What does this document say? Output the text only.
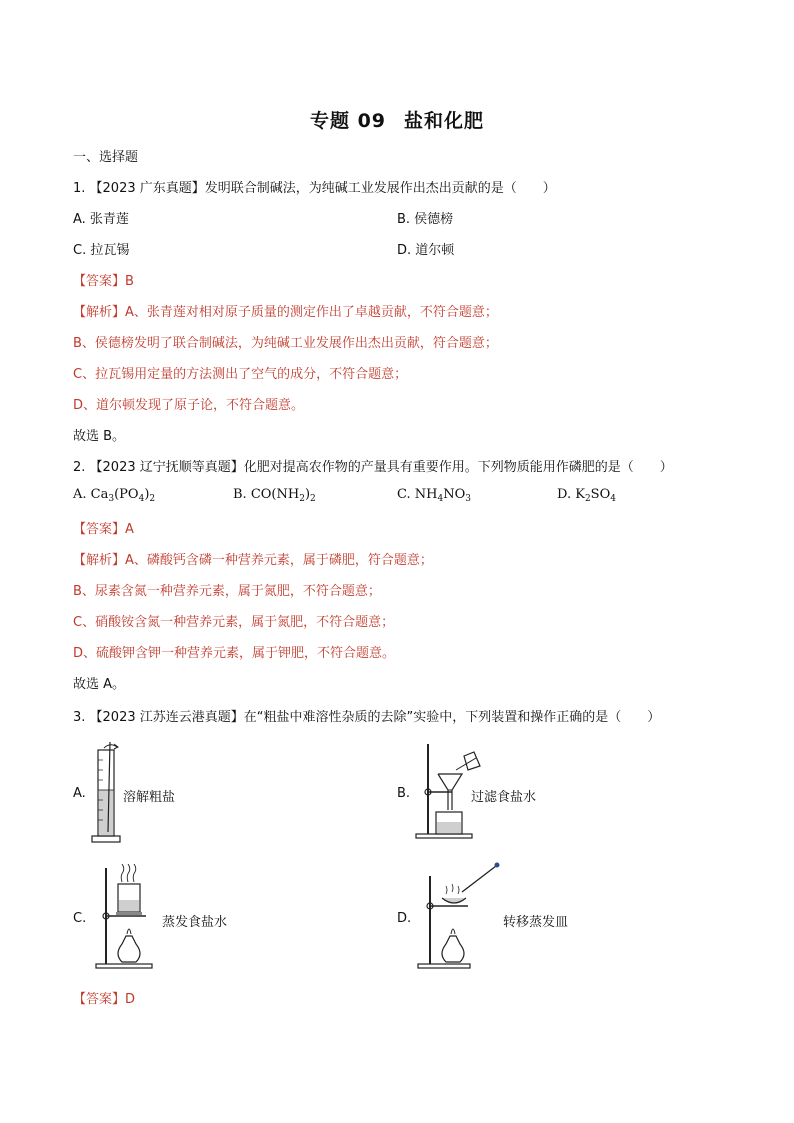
专题 09 盐和化肥
一、选择题
1. 【2023 广东真题】发明联合制碱法，为纯碱工业发展作出杰出贡献的是（　　）
A. 张青莲	B. 侯德榜
C. 拉瓦锡	D. 道尔顿
【答案】B
【解析】A、张青莲对相对原子质量的测定作出了卓越贡献，不符合题意；
B、侯德榜发明了联合制碱法，为纯碱工业发展作出杰出贡献，符合题意；
C、拉瓦锡用定量的方法测出了空气的成分，不符合题意；
D、道尔顿发现了原子论，不符合题意。
故选 B。
2. 【2023 辽宁抚顺等真题】化肥对提高农作物的产量具有重要作用。下列物质能用作磷肥的是（　　）
A. $Ca_3(PO_4)_2$	B. $CO(NH_2)_2$	C. $NH_4NO_3$	D. $K_2SO_4$
【答案】A
【解析】A、磷酸钙含磷一种营养元素，属于磷肥，符合题意；
B、尿素含氮一种营养元素，属于氮肥，不符合题意；
C、硝酸铵含氮一种营养元素，属于氮肥，不符合题意；
D、硫酸钾含钾一种营养元素，属于钾肥，不符合题意。
故选 A。
3. 【2023 江苏连云港真题】在“粗盐中难溶性杂质的去除”实验中，下列装置和操作正确的是（　　）
A.	溶解粗盐	B.	过滤食盐水
C.	蒸发食盐水	D.	转移蒸发皿
【答案】D
